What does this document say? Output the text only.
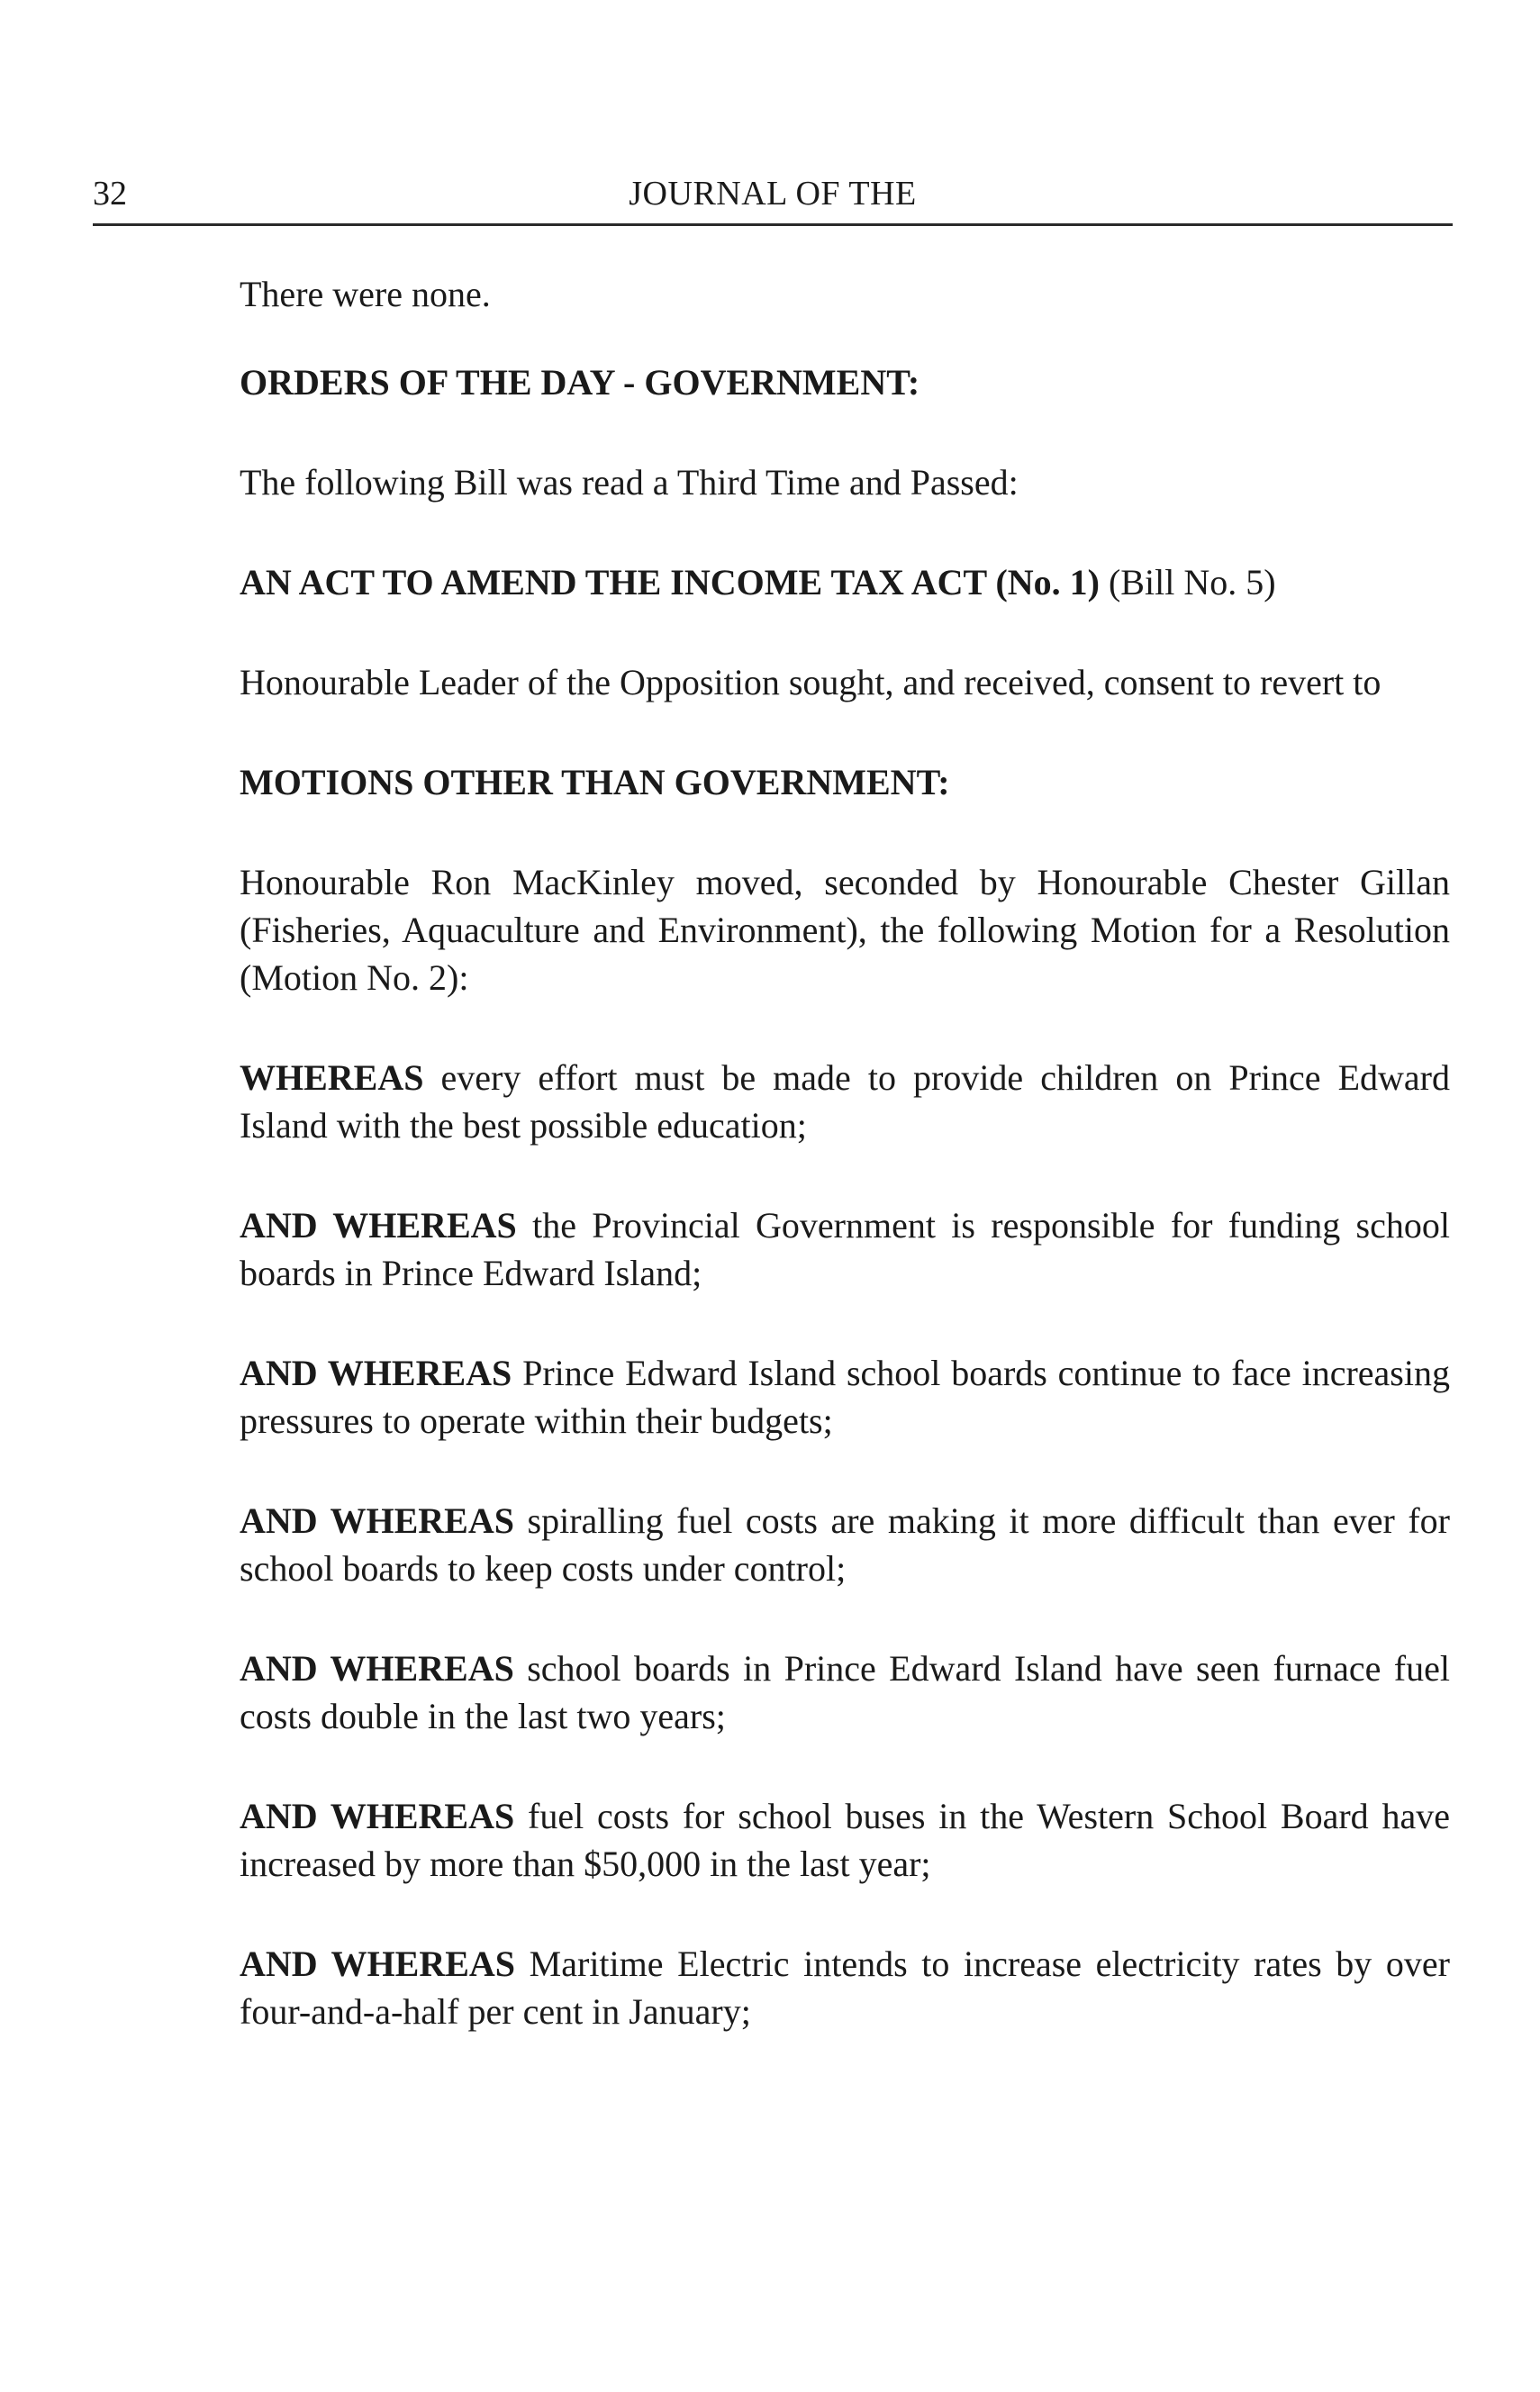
32	JOURNAL OF THE

There were none.

ORDERS OF THE DAY - GOVERNMENT:

The following Bill was read a Third Time and Passed:

AN ACT TO AMEND THE INCOME TAX ACT (No. 1) (Bill No. 5)

Honourable Leader of the Opposition sought, and received, consent to revert to

MOTIONS OTHER THAN GOVERNMENT:

Honourable Ron MacKinley moved, seconded by Honourable Chester Gillan (Fisheries, Aquaculture and Environment), the following Motion for a Resolution (Motion No. 2):

WHEREAS every effort must be made to provide children on Prince Edward Island with the best possible education;

AND WHEREAS the Provincial Government is responsible for funding school boards in Prince Edward Island;

AND WHEREAS Prince Edward Island school boards continue to face increasing pressures to operate within their budgets;

AND WHEREAS spiralling fuel costs are making it more difficult than ever for school boards to keep costs under control;

AND WHEREAS school boards in Prince Edward Island have seen furnace fuel costs double in the last two years;

AND WHEREAS fuel costs for school buses in the Western School Board have increased by more than $50,000 in the last year;

AND WHEREAS Maritime Electric intends to increase electricity rates by over four-and-a-half per cent in January;
